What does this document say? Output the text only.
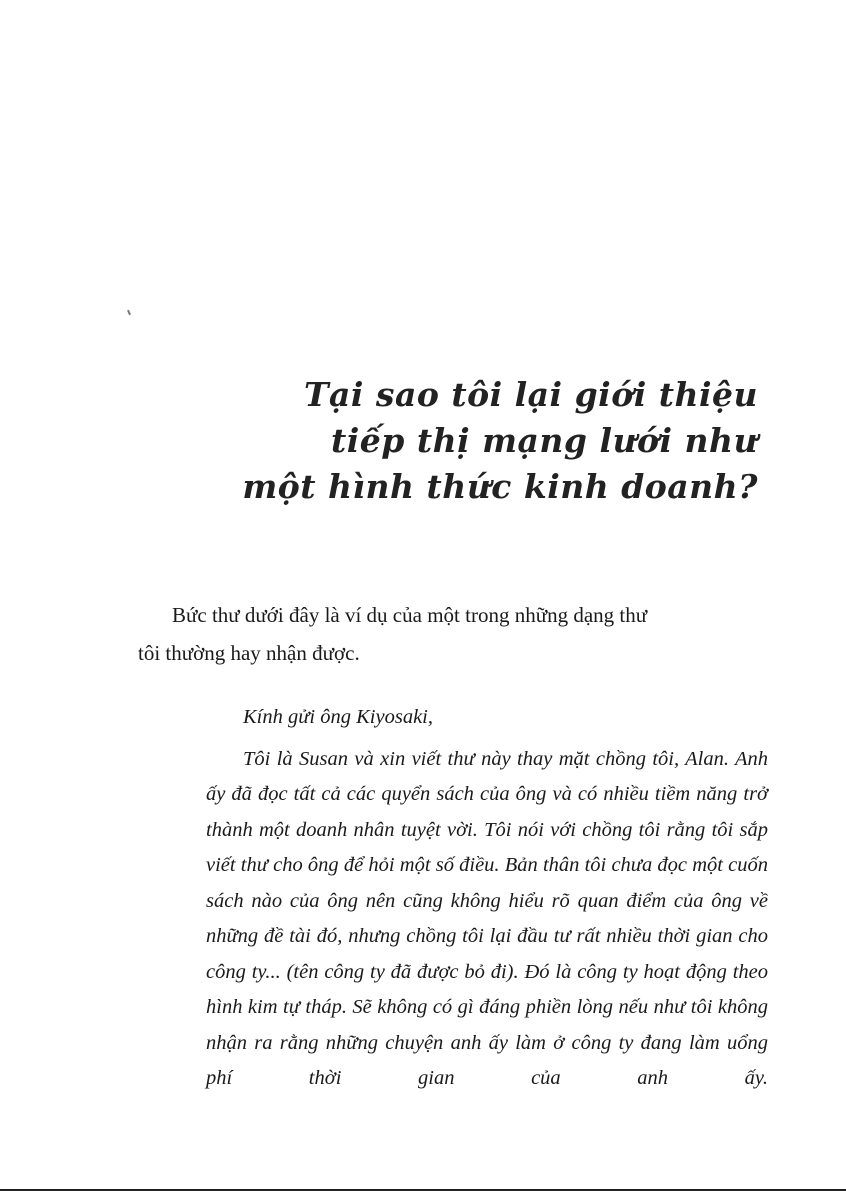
Tại sao tôi lại giới thiệu
tiếp thị mạng lưới như
một hình thức kinh doanh?

Bức thư dưới đây là ví dụ của một trong những dạng thư
tôi thường hay nhận được.

Kính gửi ông Kiyosaki,
Tôi là Susan và xin viết thư này thay mặt chồng tôi, Alan. Anh ấy đã đọc tất cả các quyển sách của ông và có nhiều tiềm năng trở thành một doanh nhân tuyệt vời. Tôi nói với chồng tôi rằng tôi sắp viết thư cho ông để hỏi một số điều. Bản thân tôi chưa đọc một cuốn sách nào của ông nên cũng không hiểu rõ quan điểm của ông về những đề tài đó, nhưng chồng tôi lại đầu tư rất nhiều thời gian cho công ty... (tên công ty đã được bỏ đi). Đó là công ty hoạt động theo hình kim tự tháp. Sẽ không có gì đáng phiền lòng nếu như tôi không nhận ra rằng những chuyện anh ấy làm ở công ty đang làm uổng phí thời gian của anh ấy.
